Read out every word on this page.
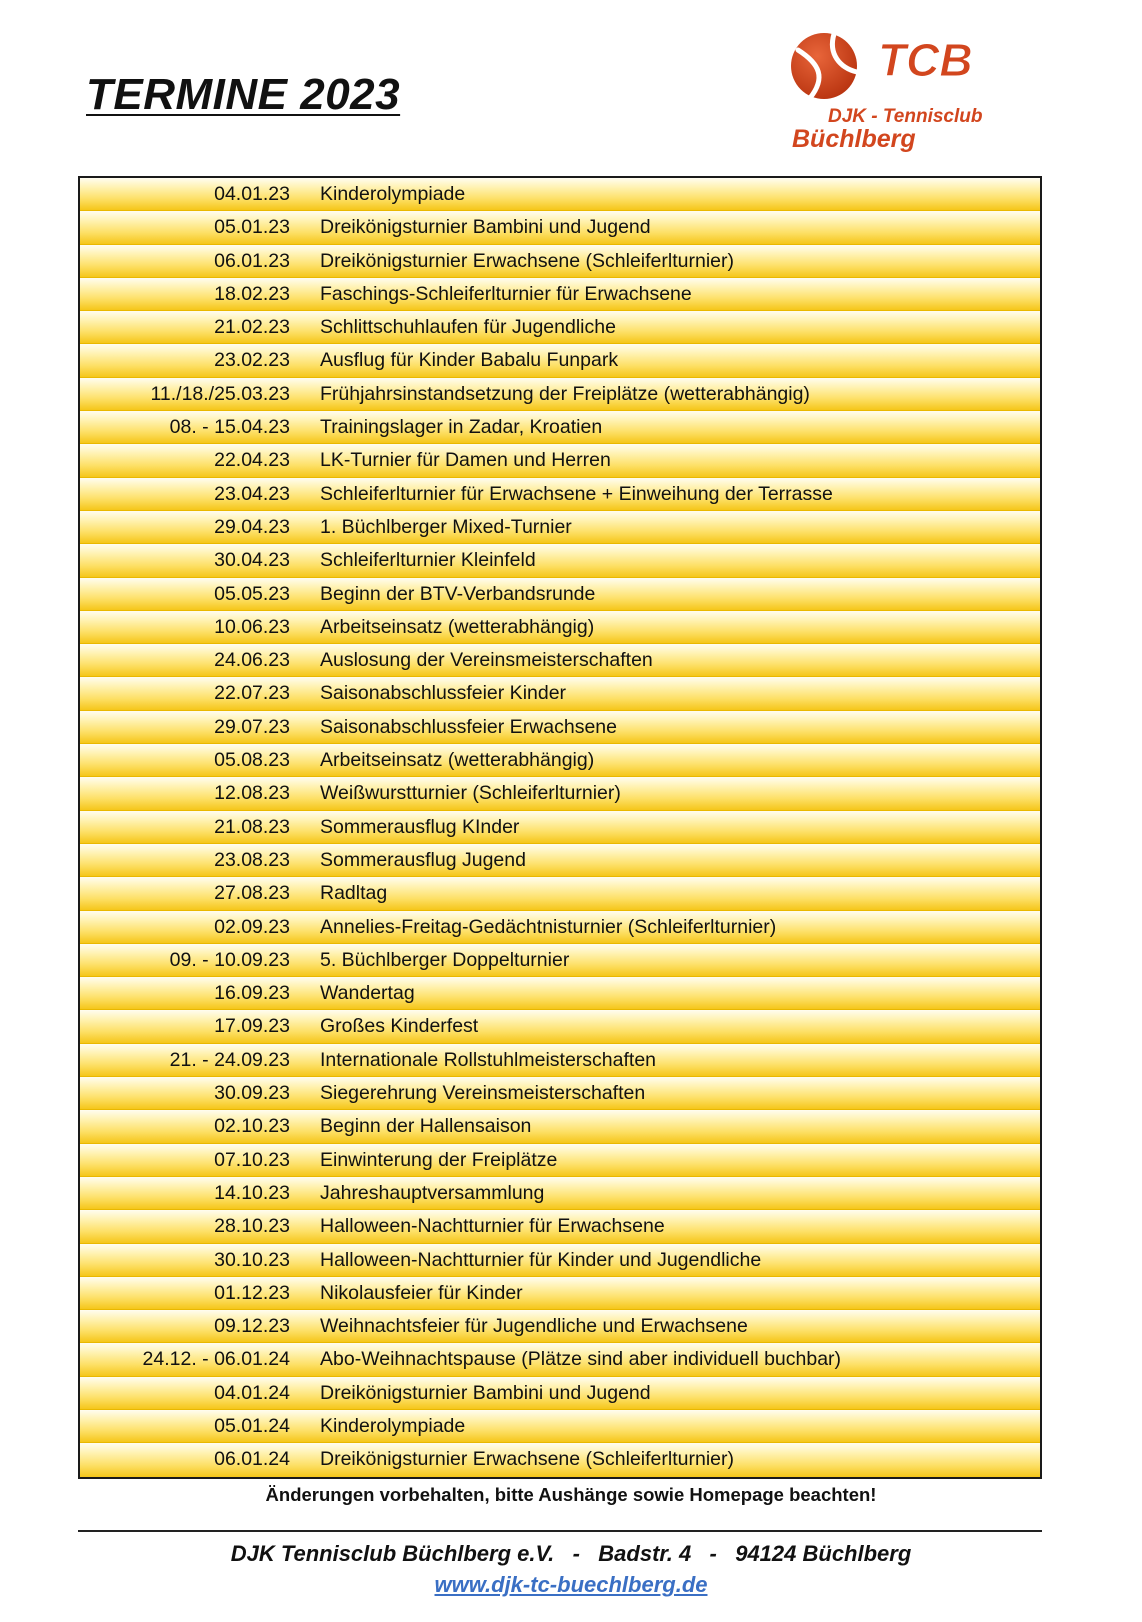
TERMINE 2023
TCB
DJK - Tennisclub
Büchlberg
04.01.23 Kinderolympiade
05.01.23 Dreikönigsturnier Bambini und Jugend
06.01.23 Dreikönigsturnier Erwachsene (Schleiferlturnier)
18.02.23 Faschings-Schleiferlturnier für Erwachsene
21.02.23 Schlittschuhlaufen für Jugendliche
23.02.23 Ausflug für Kinder Babalu Funpark
11./18./25.03.23 Frühjahrsinstandsetzung der Freiplätze (wetterabhängig)
08. - 15.04.23 Trainingslager in Zadar, Kroatien
22.04.23 LK-Turnier für Damen und Herren
23.04.23 Schleiferlturnier für Erwachsene + Einweihung der Terrasse
29.04.23 1. Büchlberger Mixed-Turnier
30.04.23 Schleiferlturnier Kleinfeld
05.05.23 Beginn der BTV-Verbandsrunde
10.06.23 Arbeitseinsatz (wetterabhängig)
24.06.23 Auslosung der Vereinsmeisterschaften
22.07.23 Saisonabschlussfeier Kinder
29.07.23 Saisonabschlussfeier Erwachsene
05.08.23 Arbeitseinsatz (wetterabhängig)
12.08.23 Weißwurstturnier (Schleiferlturnier)
21.08.23 Sommerausflug KInder
23.08.23 Sommerausflug Jugend
27.08.23 Radltag
02.09.23 Annelies-Freitag-Gedächtnisturnier (Schleiferlturnier)
09. - 10.09.23 5. Büchlberger Doppelturnier
16.09.23 Wandertag
17.09.23 Großes Kinderfest
21. - 24.09.23 Internationale Rollstuhlmeisterschaften
30.09.23 Siegerehrung Vereinsmeisterschaften
02.10.23 Beginn der Hallensaison
07.10.23 Einwinterung der Freiplätze
14.10.23 Jahreshauptversammlung
28.10.23 Halloween-Nachtturnier für Erwachsene
30.10.23 Halloween-Nachtturnier für Kinder und Jugendliche
01.12.23 Nikolausfeier für Kinder
09.12.23 Weihnachtsfeier für Jugendliche und Erwachsene
24.12. - 06.01.24 Abo-Weihnachtspause (Plätze sind aber individuell buchbar)
04.01.24 Dreikönigsturnier Bambini und Jugend
05.01.24 Kinderolympiade
06.01.24 Dreikönigsturnier Erwachsene (Schleiferlturnier)
Änderungen vorbehalten, bitte Aushänge sowie Homepage beachten!
DJK Tennisclub Büchlberg e.V.   -   Badstr. 4   -   94124 Büchlberg
www.djk-tc-buechlberg.de
